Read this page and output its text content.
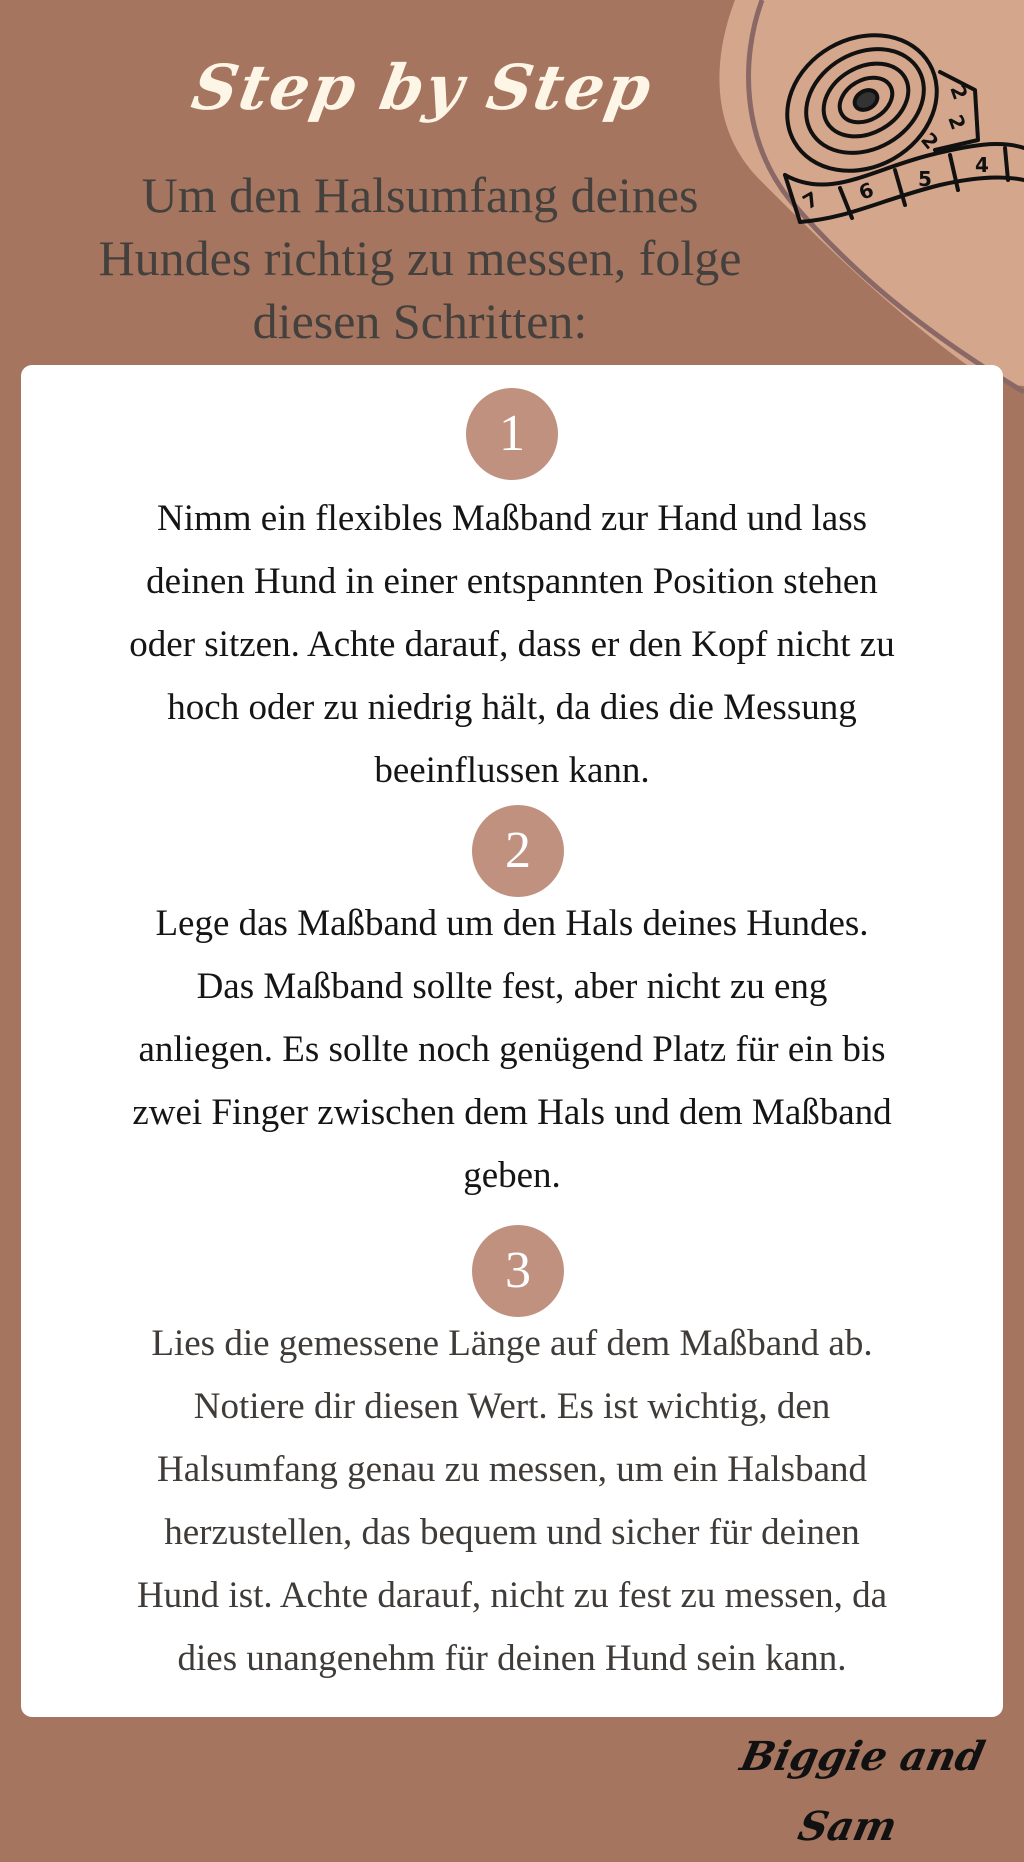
2
2
2
7 6 5
4
Step by Step
Um den Halsumfang deines
Hundes richtig zu messen, folge
diesen Schritten:
1
Nimm ein flexibles Maßband zur Hand und lass
deinen Hund in einer entspannten Position stehen
oder sitzen. Achte darauf, dass er den Kopf nicht zu
hoch oder zu niedrig hält, da dies die Messung
beeinflussen kann.
2
Lege das Maßband um den Hals deines Hundes.
Das Maßband sollte fest, aber nicht zu eng
anliegen. Es sollte noch genügend Platz für ein bis
zwei Finger zwischen dem Hals und dem Maßband
geben.
3
Lies die gemessene Länge auf dem Maßband ab.
Notiere dir diesen Wert. Es ist wichtig, den
Halsumfang genau zu messen, um ein Halsband
herzustellen, das bequem und sicher für deinen
Hund ist. Achte darauf, nicht zu fest zu messen, da
dies unangenehm für deinen Hund sein kann.
Biggie and Sam
